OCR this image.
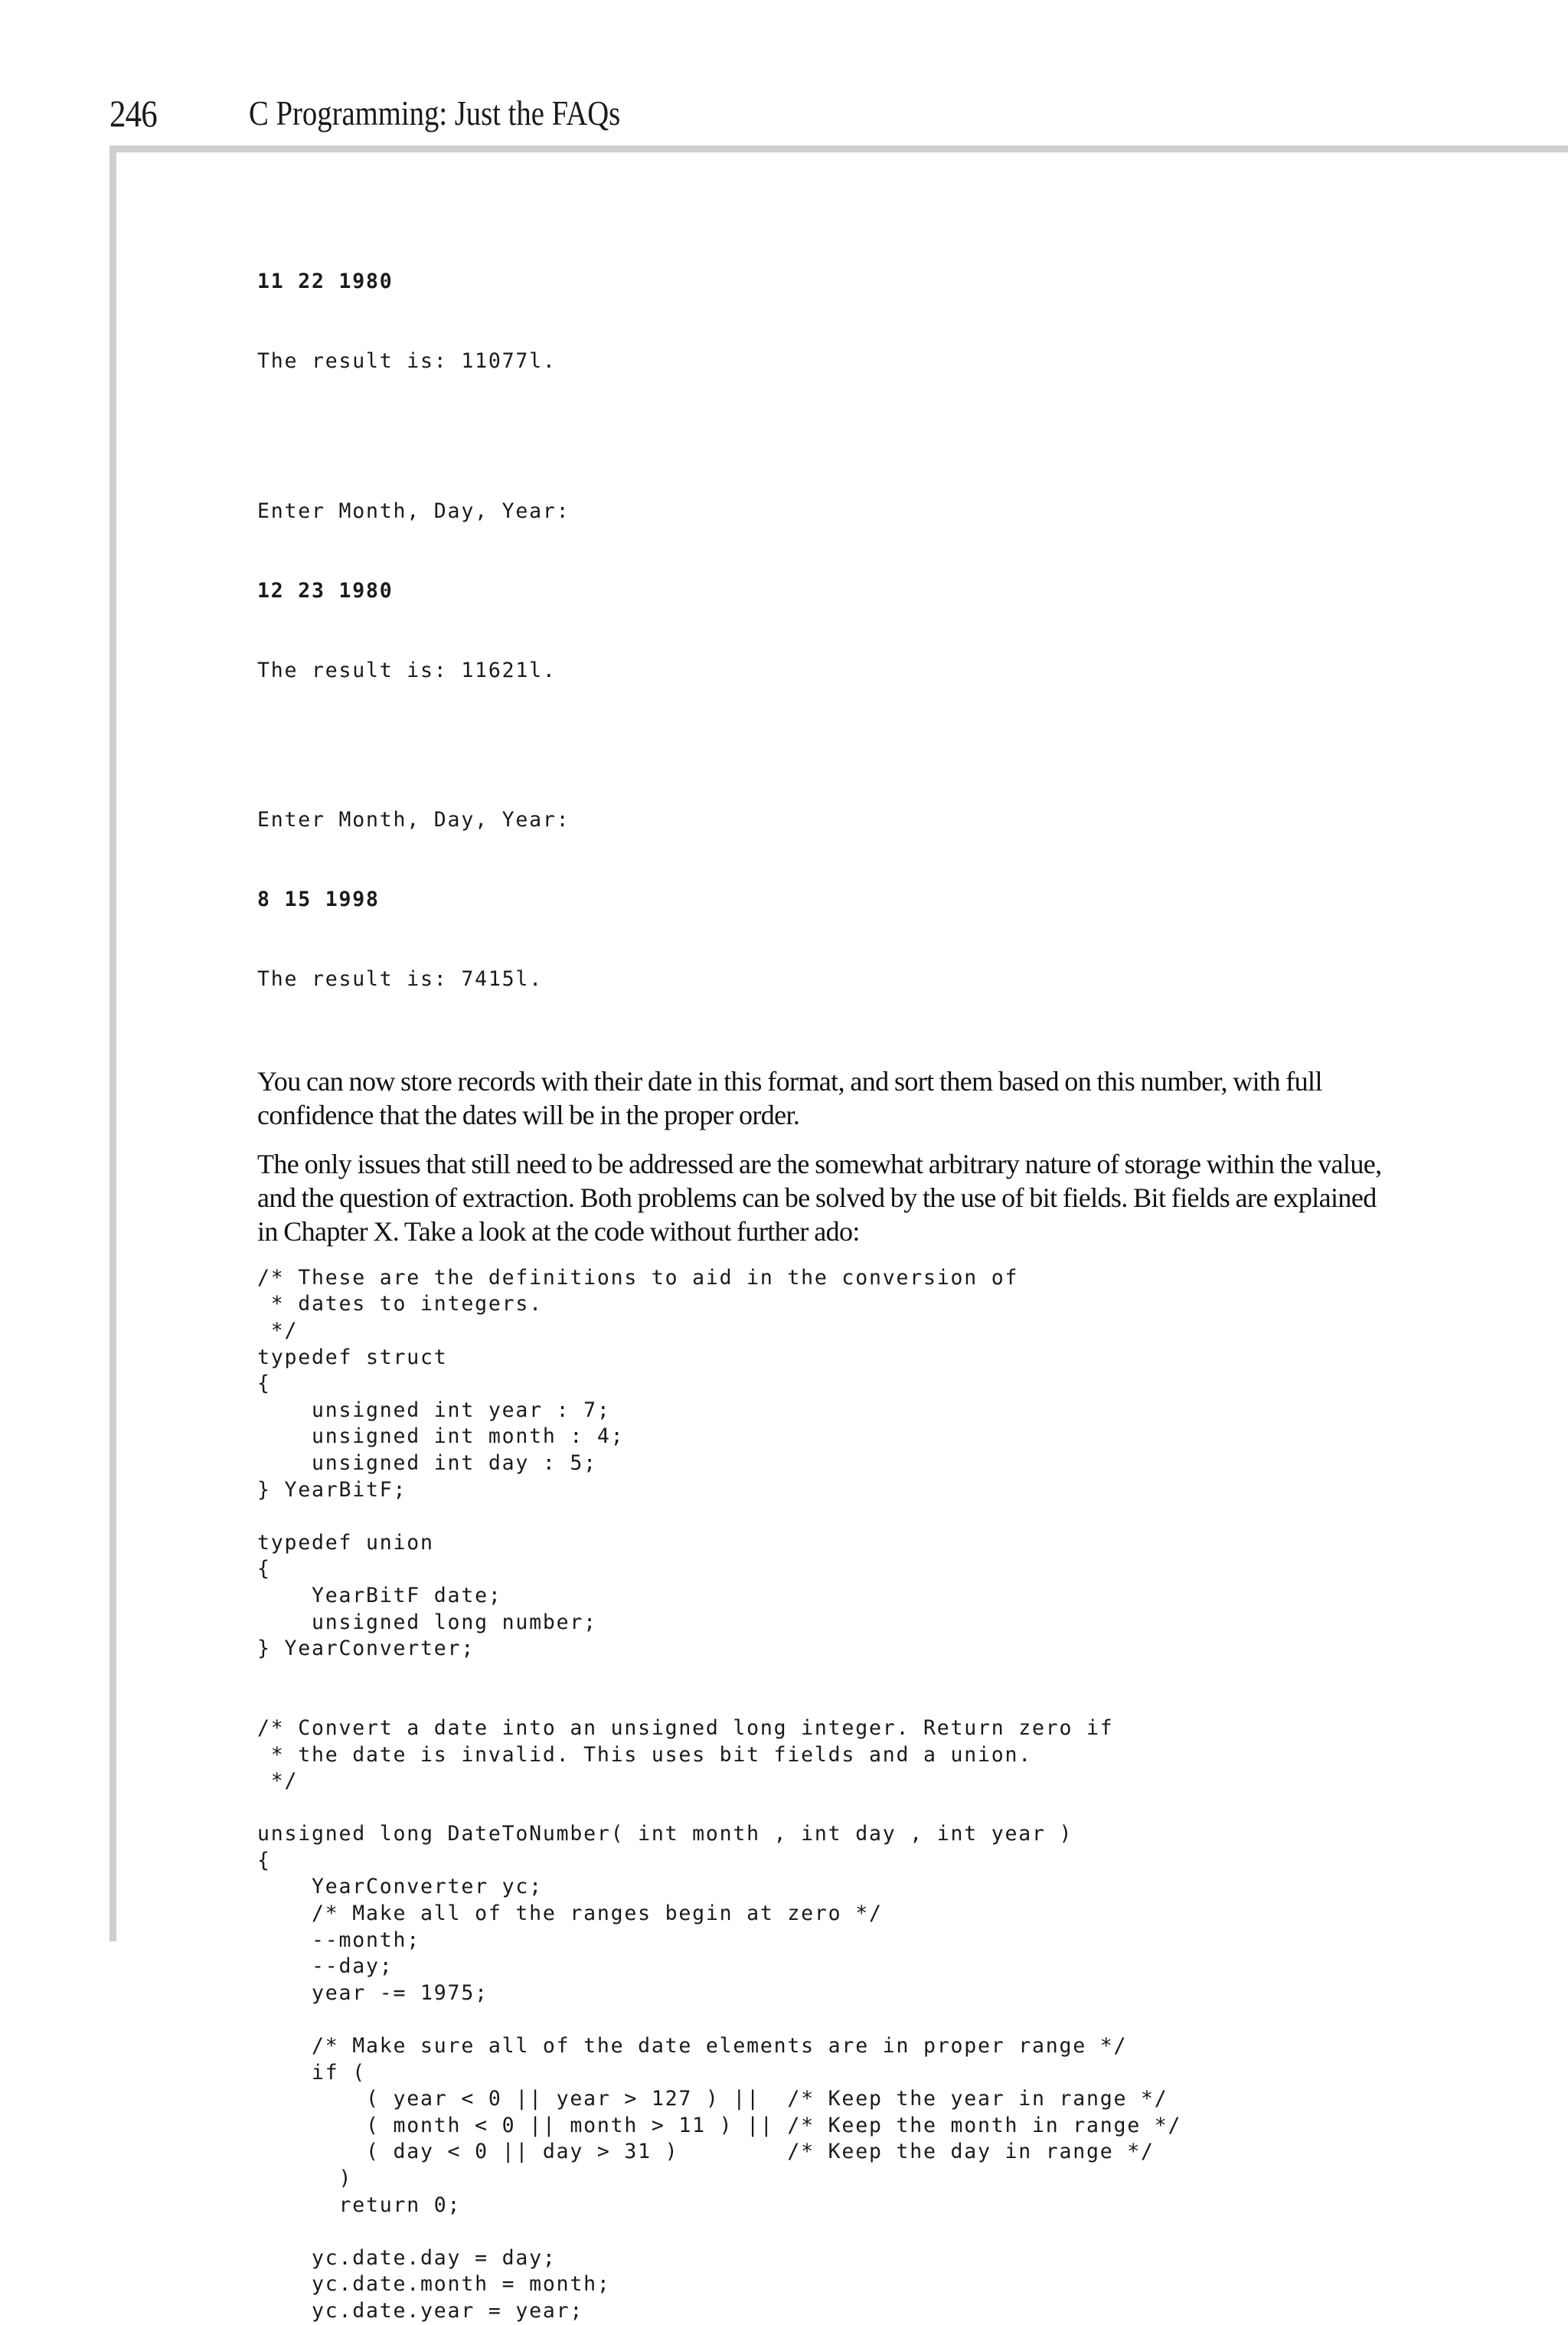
246	C Programming: Just the FAQs

11 22 1980

The result is: 11077l.

Enter Month, Day, Year:

12 23 1980

The result is: 11621l.

Enter Month, Day, Year:

8 15 1998

The result is: 7415l.

You can now store records with their date in this format, and sort them based on this number, with full confidence that the dates will be in the proper order.

The only issues that still need to be addressed are the somewhat arbitrary nature of storage within the value, and the question of extraction. Both problems can be solved by the use of bit fields. Bit fields are explained in Chapter X. Take a look at the code without further ado:

/* These are the definitions to aid in the conversion of
* dates to integers.
*/
typedef struct
{
unsigned int year : 7;
unsigned int month : 4;
unsigned int day : 5;
} YearBitF;
typedef union
{
YearBitF date;
unsigned long number;
} YearConverter;
/* Convert a date into an unsigned long integer. Return zero if
* the date is invalid. This uses bit fields and a union.
*/
unsigned long DateToNumber( int month , int day , int year )
{
YearConverter yc;
/* Make all of the ranges begin at zero */
--month;
--day;
year -= 1975;
/* Make sure all of the date elements are in proper range */
if (
( year < 0 || year > 127 ) ||  /* Keep the year in range */
( month < 0 || month > 11 ) || /* Keep the month in range */
( day < 0 || day > 31 )        /* Keep the day in range */
)
return 0;
yc.date.day = day;
yc.date.month = month;
yc.date.year = year;
